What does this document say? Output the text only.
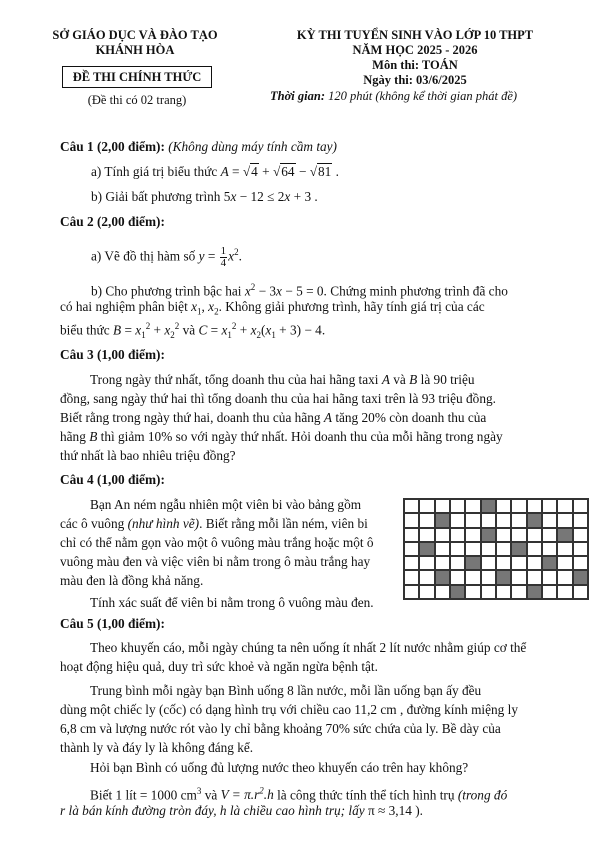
SỞ GIÁO DỤC VÀ ĐÀO TẠO
KHÁNH HÒA
ĐỀ THI CHÍNH THỨC
(Đề thi có 02 trang)
KỲ THI TUYỂN SINH VÀO LỚP 10 THPT
NĂM HỌC 2025 - 2026
Môn thi: TOÁN
Ngày thi: 03/6/2025
Thời gian: 120 phút (không kể thời gian phát đề)
Câu 1 (2,00 điểm): (Không dùng máy tính cầm tay)
a) Tính giá trị biểu thức A = √4 + √64 − √81 .
b) Giải bất phương trình 5x − 12 ≤ 2x + 3 .
Câu 2 (2,00 điểm):
a) Vẽ đồ thị hàm số $y = \frac{1}{4} x^2$.
b) Cho phương trình bậc hai $x^2 - 3x - 5 = 0$. Chứng minh phương trình đã cho
có hai nghiệm phân biệt $x_1$, $x_2$. Không giải phương trình, hãy tính giá trị của các
biểu thức $B = x_1^2 + x_2^2$ và $C = x_1^2 + x_2(x_1 + 3) - 4$.
Câu 3 (1,00 điểm):
Trong ngày thứ nhất, tổng doanh thu của hai hãng taxi A và B là 90 triệu
đồng, sang ngày thứ hai thì tổng doanh thu của hai hãng taxi trên là 93 triệu đồng.
Biết rằng trong ngày thứ hai, doanh thu của hãng A tăng 20% còn doanh thu của
hãng B thì giảm 10% so với ngày thứ nhất. Hỏi doanh thu của mỗi hãng trong ngày
thứ nhất là bao nhiêu triệu đồng?
Câu 4 (1,00 điểm):
Bạn An ném ngẫu nhiên một viên bi vào bảng gồm
các ô vuông (như hình vẽ). Biết rằng mỗi lần ném, viên bi
chỉ có thể nằm gọn vào một ô vuông màu trắng hoặc một ô
vuông màu đen và việc viên bi nằm trong ô màu trắng hay
màu đen là đồng khả năng.
Tính xác suất để viên bi nằm trong ô vuông màu đen.
Câu 5 (1,00 điểm):
Theo khuyến cáo, mỗi ngày chúng ta nên uống ít nhất 2 lít nước nhằm giúp cơ thể
hoạt động hiệu quả, duy trì sức khoẻ và ngăn ngừa bệnh tật.
Trung bình mỗi ngày bạn Bình uống 8 lần nước, mỗi lần uống bạn ấy đều
dùng một chiếc ly (cốc) có dạng hình trụ với chiều cao 11,2 cm , đường kính miệng ly
6,8 cm và lượng nước rót vào ly chỉ bằng khoảng 70% sức chứa của ly. Bề dày của
thành ly và đáy ly là không đáng kể.
Hỏi bạn Bình có uống đủ lượng nước theo khuyến cáo trên hay không?
Biết 1 lít = 1000 $cm^3$ và $V = \pi.r^2.h$ là công thức tính thể tích hình trụ (trong đó
r là bán kính đường tròn đáy, h là chiều cao hình trụ; lấy π ≈ 3,14 ).
